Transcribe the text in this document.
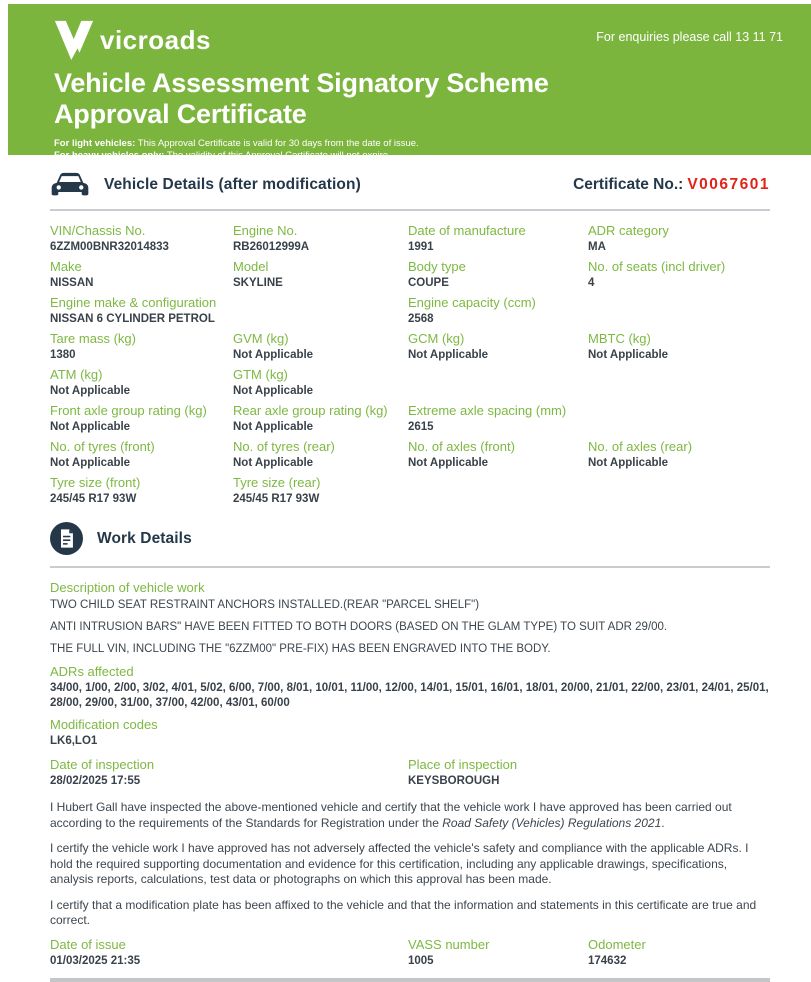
vicroads	For enquiries please call 13 11 71
Vehicle Assessment Signatory Scheme
Approval Certificate
For light vehicles: This Approval Certificate is valid for 30 days from the date of issue.
For heavy vehicles only: The validity of this Approval Certificate will not expire.
Vehicle Details (after modification)	Certificate No.: V0067601
VIN/Chassis No.
6ZZM00BNR32014833
Engine No.
RB26012999A
Date of manufacture
1991
ADR category
MA
Make
NISSAN
Model
SKYLINE
Body type
COUPE
No. of seats (incl driver)
4
Engine make & configuration
NISSAN 6 CYLINDER PETROL
Engine capacity (ccm)
2568
Tare mass (kg)
1380
GVM (kg)
Not Applicable
GCM (kg)
Not Applicable
MBTC (kg)
Not Applicable
ATM (kg)
Not Applicable
GTM (kg)
Not Applicable
Front axle group rating (kg)
Not Applicable
Rear axle group rating (kg)
Not Applicable
Extreme axle spacing (mm)
2615
No. of tyres (front)
Not Applicable
No. of tyres (rear)
Not Applicable
No. of axles (front)
Not Applicable
No. of axles (rear)
Not Applicable
Tyre size (front)
245/45 R17 93W
Tyre size (rear)
245/45 R17 93W
Work Details
Description of vehicle work
TWO CHILD SEAT RESTRAINT ANCHORS INSTALLED.(REAR "PARCEL SHELF")
ANTI INTRUSION BARS" HAVE BEEN FITTED TO BOTH DOORS (BASED ON THE GLAM TYPE) TO SUIT ADR 29/00.
THE FULL VIN, INCLUDING THE "6ZZM00" PRE-FIX) HAS BEEN ENGRAVED INTO THE BODY.
ADRs affected
34/00, 1/00, 2/00, 3/02, 4/01, 5/02, 6/00, 7/00, 8/01, 10/01, 11/00, 12/00, 14/01, 15/01, 16/01, 18/01, 20/00, 21/01, 22/00, 23/01, 24/01, 25/01, 28/00, 29/00, 31/00, 37/00, 42/00, 43/01, 60/00
Modification codes
LK6,LO1
Date of inspection
28/02/2025 17:55
Place of inspection
KEYSBOROUGH
I Hubert Gall have inspected the above-mentioned vehicle and certify that the vehicle work I have approved has been carried out according to the requirements of the Standards for Registration under the Road Safety (Vehicles) Regulations 2021.
I certify the vehicle work I have approved has not adversely affected the vehicle's safety and compliance with the applicable ADRs. I hold the required supporting documentation and evidence for this certification, including any applicable drawings, specifications, analysis reports, calculations, test data or photographs on which this approval has been made.
I certify that a modification plate has been affixed to the vehicle and that the information and statements in this certificate are true and correct.
Date of issue
01/03/2025 21:35
VASS number
1005
Odometer
174632
